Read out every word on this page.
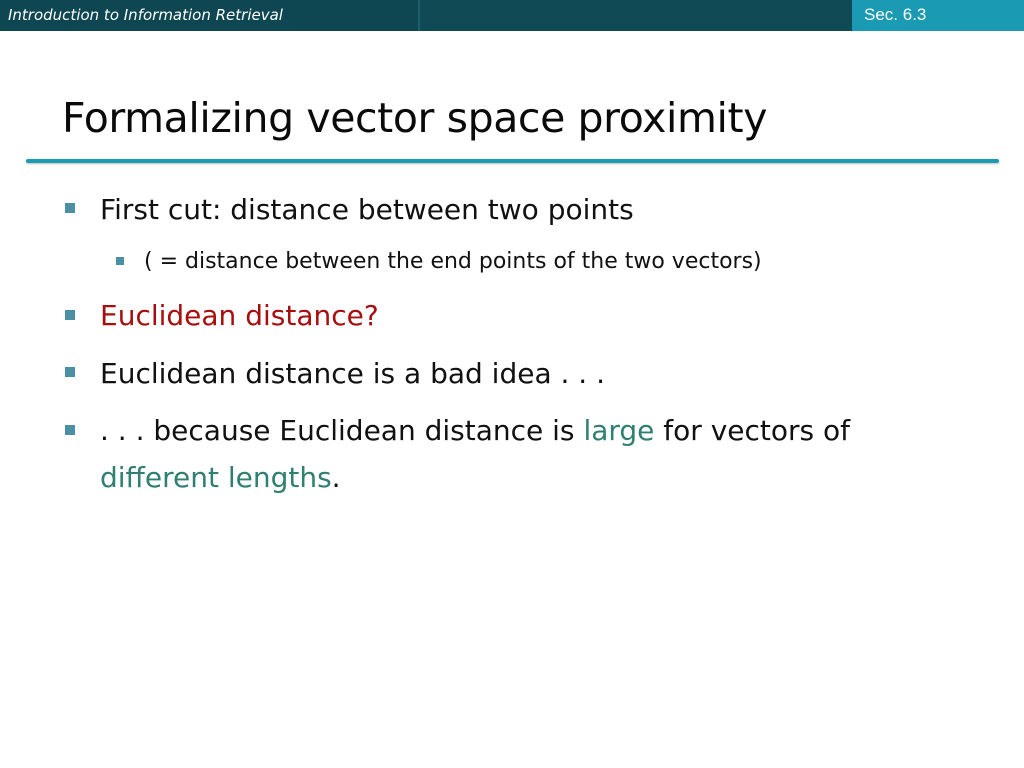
Introduction to Information Retrieval	Sec. 6.3
Formalizing vector space proximity
First cut: distance between two points
( = distance between the end points of the two vectors)
Euclidean distance?
Euclidean distance is a bad idea . . .
. . . because Euclidean distance is large for vectors of
different lengths.
